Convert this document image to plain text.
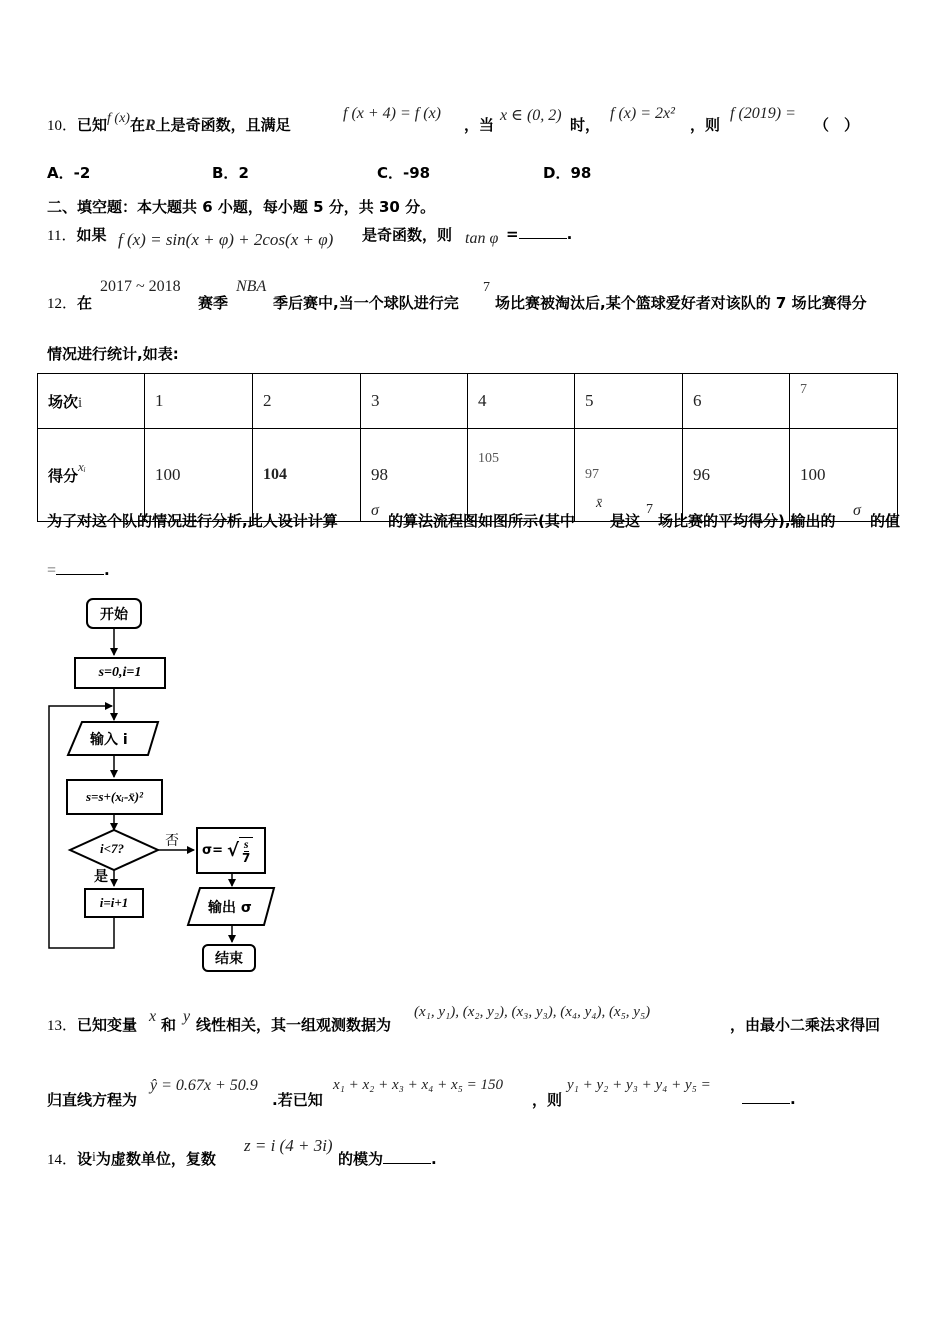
10．已知f (x)在R上是奇函数，且满足
f (x + 4) = f (x)
，当
x ∈ (0, 2)
时，
f (x) = 2x²
，则
f (2019) =
（　）
A．-2	B．2	C．-98	D．98
二、填空题：本大题共 6 小题，每小题 5 分，共 30 分。
11．如果 f (x) = sin(x + φ) + 2cos(x + φ) 是奇函数，则 tan φ =	.
12．在
2017 ~ 2018
赛季
NBA
季后赛中,当一个球队进行完
7
场比赛被淘汰后,某个篮球爱好者对该队的 7 场比赛得分
情况进行统计,如表:
场次i	1	2	3	4	5	6	7
得分xᵢ	100	104	98	105	97	96	100
为了对这个队的情况进行分析,此人设计计算
σ
的算法流程图如图所示(其中
x̄
是这
7
场比赛的平均得分),输出的
σ
的值
=	.
开始
s=0,i=1
输入 i
s=s+(xᵢ-x̄)²
i<7?	否
是
i=i+1
σ= √ s
7
输出 σ
结束
13．已知变量 x 和 y 线性相关，其一组观测数据为
(x₁, y₁), (x₂, y₂), (x₃, y₃), (x₄, y₄), (x₅, y₅)
，由最小二乘法求得回
归直线方程为
ŷ = 0.67x + 50.9
.若已知
x₁ + x₂ + x₃ + x₄ + x₅ = 150
，则
y₁ + y₂ + y₃ + y₄ + y₅ =
.
14．设i为虚数单位，复数
z = i (4 + 3i)
的模为	.
